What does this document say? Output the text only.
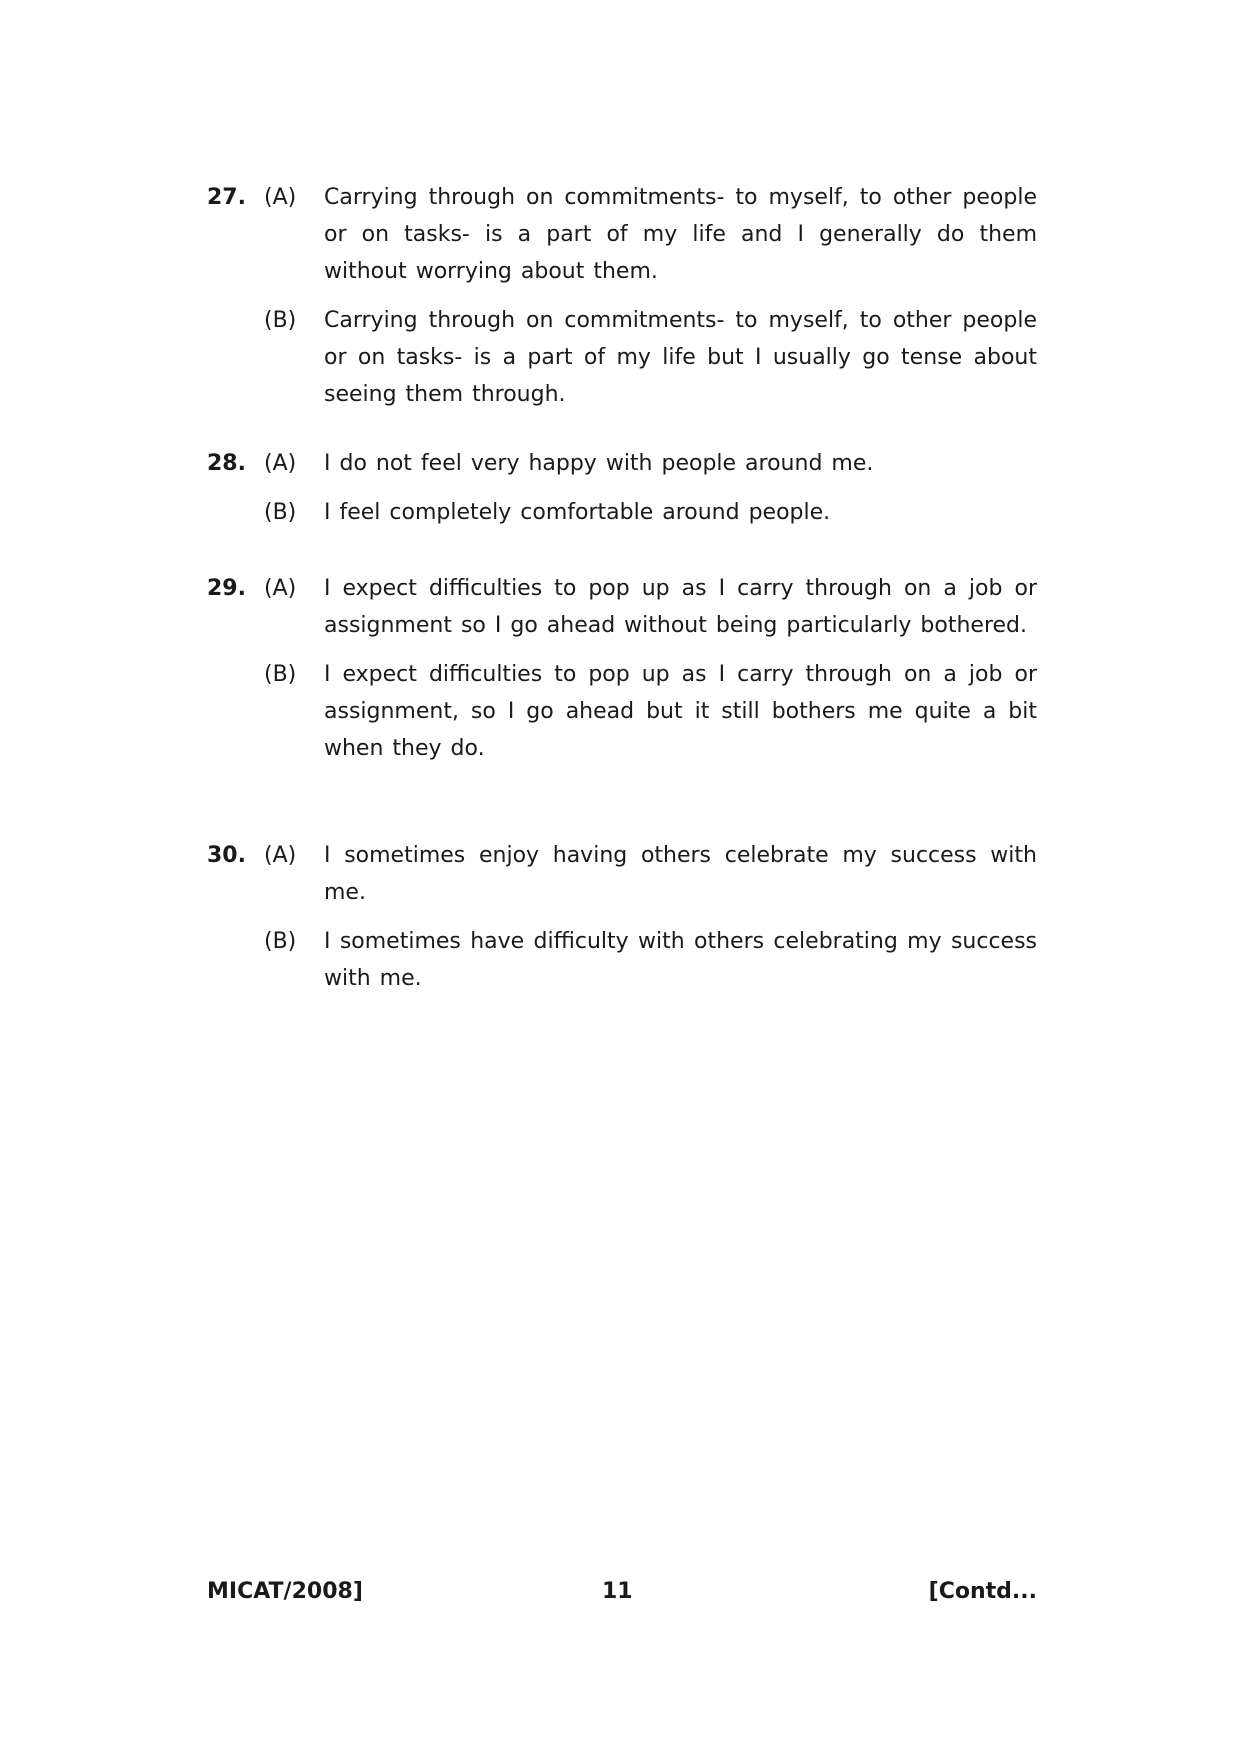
27. (A) Carrying through on commitments- to myself, to other people or on tasks- is a part of my life and I generally do them without worrying about them.
(B) Carrying through on commitments- to myself, to other people or on tasks- is a part of my life but I usually go tense about seeing them through.
28. (A) I do not feel very happy with people around me.
(B) I feel completely comfortable around people.
29. (A) I expect difficulties to pop up as I carry through on a job or assignment so I go ahead without being particularly bothered.
(B) I expect difficulties to pop up as I carry through on a job or assignment, so I go ahead but it still bothers me quite a bit when they do.
30. (A) I sometimes enjoy having others celebrate my success with me.
(B) I sometimes have difficulty with others celebrating my success with me.
MICAT/2008]	11	[Contd...
